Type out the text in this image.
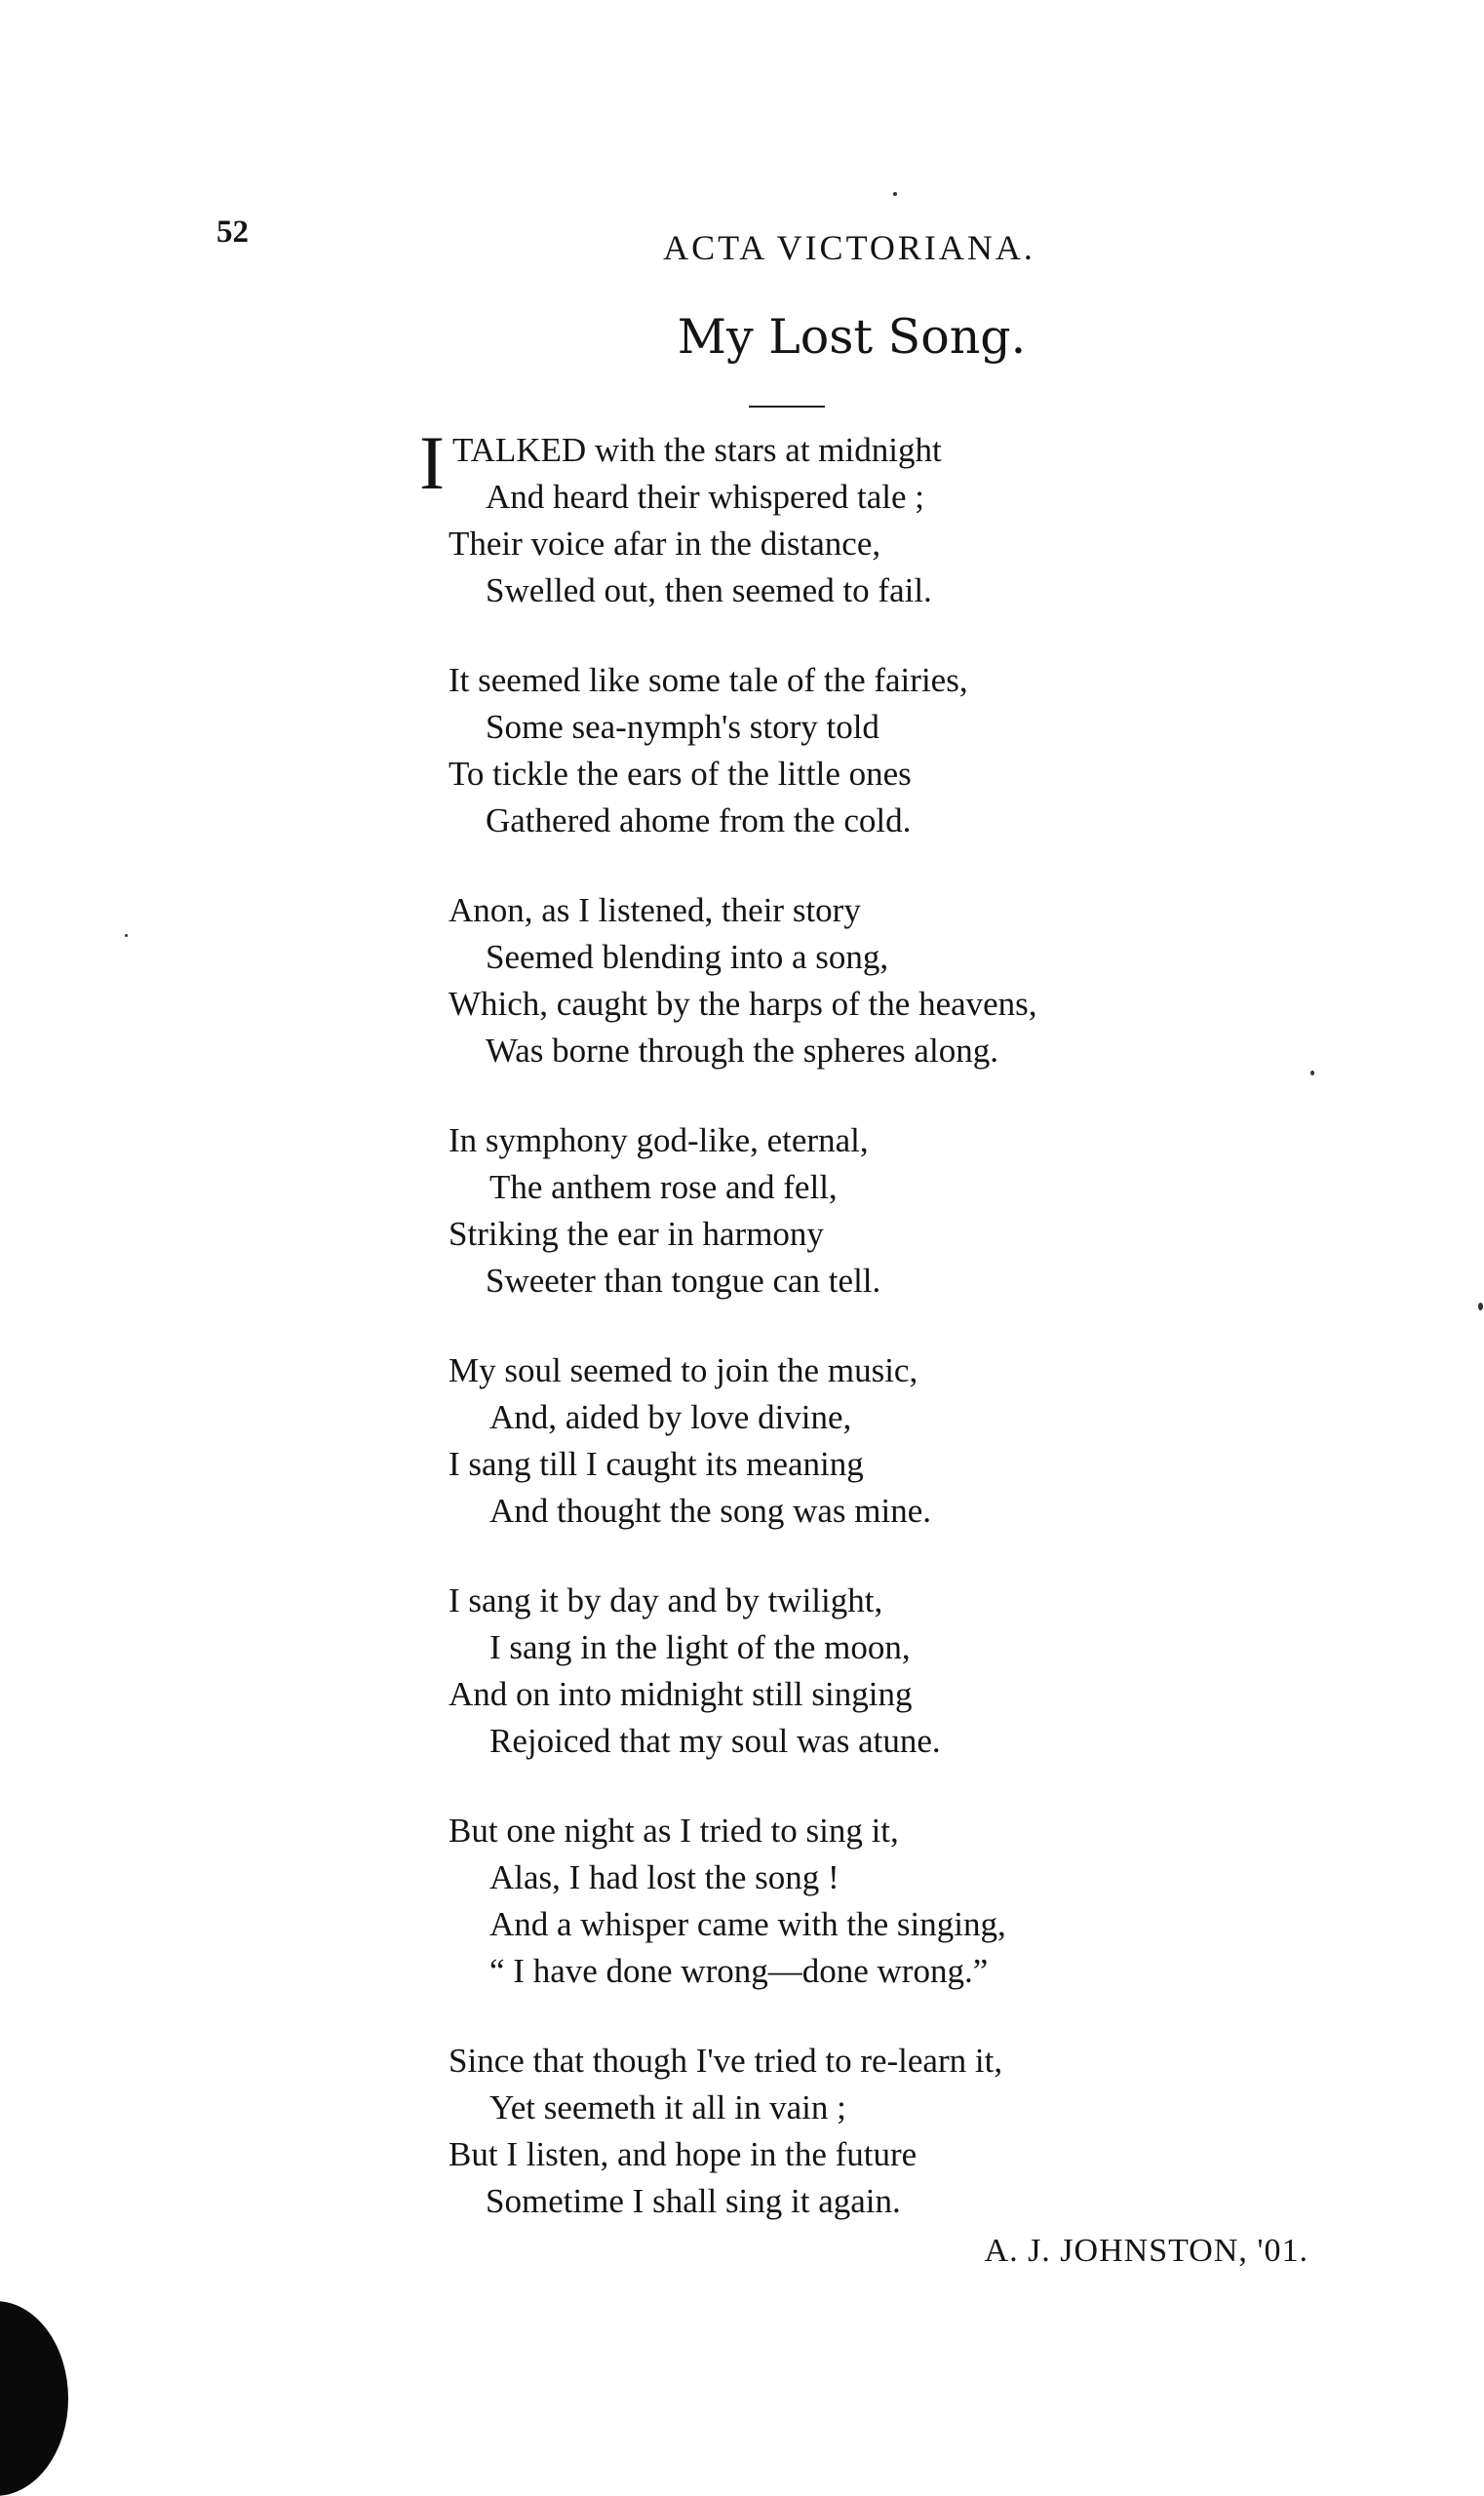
52	ACTA VICTORIANA.
My Lost Song.
I TALKED with the stars at midnight
And heard their whispered tale ;
Their voice afar in the distance,
Swelled out, then seemed to fail.
It seemed like some tale of the fairies,
Some sea-nymph's story told
To tickle the ears of the little ones
Gathered ahome from the cold.
Anon, as I listened, their story
Seemed blending into a song,
Which, caught by the harps of the heavens,
Was borne through the spheres along.
In symphony god-like, eternal,
The anthem rose and fell,
Striking the ear in harmony
Sweeter than tongue can tell.
My soul seemed to join the music,
And, aided by love divine,
I sang till I caught its meaning
And thought the song was mine.
I sang it by day and by twilight,
I sang in the light of the moon,
And on into midnight still singing
Rejoiced that my soul was atune.
But one night as I tried to sing it,
Alas, I had lost the song !
And a whisper came with the singing,
“ I have done wrong—done wrong.”
Since that though I've tried to re-learn it,
Yet seemeth it all in vain ;
But I listen, and hope in the future
Sometime I shall sing it again.
A. J. JOHNSTON, '01.
